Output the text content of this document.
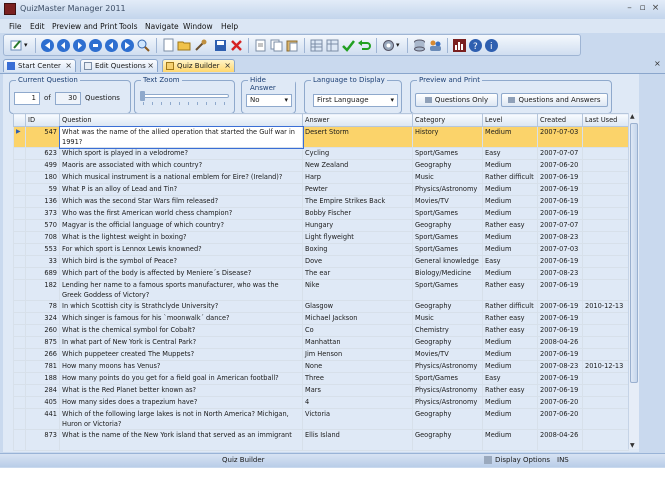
QuizMaster Manager 2011	– ▫ ×
File Edit Preview and Print Tools Navigate Window Help
▾	▾	? i
Start Center ×	Edit Questions ×	Quiz Builder ×	×
Current Question
1	of	30	Questions
Text Zoom	Hide Answer
No	▾
Language to Display
First Language	▾
Preview and Print
Questions Only	Questions and Answers
	ID	Question	Answer	Category	Level	Created	Last Used
▶	547	What was the name of the allied operation that started the Gulf war in 1991?	Desert Storm	History	Medium	2007-07-03	
	623	Which sport is played in a velodrome?	Cycling	Sport/Games	Easy	2007-07-07	
	499	Maoris are associated with which country?	New Zealand	Geography	Medium	2007-06-20	
	180	Which musical instrument is a national emblem for Eire? (Ireland)?	Harp	Music	Rather difficult	2007-06-19	
	59	What P is an alloy of Lead and Tin?	Pewter	Physics/Astronomy	Medium	2007-06-19	
	136	Which was the second Star Wars film released?	The Empire Strikes Back	Movies/TV	Medium	2007-06-19	
	373	Who was the first American world chess champion?	Bobby Fischer	Sport/Games	Medium	2007-06-19	
	570	Magyar is the official language of which country?	Hungary	Geography	Rather easy	2007-07-07	
	708	What is the lightest weight in boxing?	Light flyweight	Sport/Games	Medium	2007-08-23	
	553	For which sport is Lennox Lewis knowned?	Boxing	Sport/Games	Medium	2007-07-03	
	33	Which bird is the symbol of Peace?	Dove	General knowledge	Easy	2007-06-19	
	689	Which part of the body is affected by Meniere´s Disease?	The ear	Biology/Medicine	Medium	2007-08-23	
	182	Lending her name to a famous sports manufacturer, who was the Greek Goddess of Victory?	Nike	Sport/Games	Rather easy	2007-06-19	
	78	In which Scottish city is Strathclyde University?	Glasgow	Geography	Rather difficult	2007-06-19	2010-12-13
	324	Which singer is famous for his `moonwalk´ dance?	Michael Jackson	Music	Rather easy	2007-06-19	
	260	What is the chemical symbol for Cobalt?	Co	Chemistry	Rather easy	2007-06-19	
	875	In what part of New York is Central Park?	Manhattan	Geography	Medium	2008-04-26	
	266	Which puppeteer created The Muppets?	Jim Henson	Movies/TV	Medium	2007-06-19	
	781	How many moons has Venus?	None	Physics/Astronomy	Medium	2007-08-23	2010-12-13
	188	How many points do you get for a field goal in American football?	Three	Sport/Games	Easy	2007-06-19	
	284	What is the Red Planet better known as?	Mars	Physics/Astronomy	Rather easy	2007-06-19	
	405	How many sides does a trapezium have?	4	Physics/Astronomy	Medium	2007-06-20	
	441	Which of the following large lakes is not in North America? Michigan, Huron or Victoria?	Victoria	Geography	Medium	2007-06-20	
	873	What is the name of the New York island that served as an immigrant	Ellis Island	Geography	Medium	2008-04-26	
▲
▼
Quiz Builder	Display Options INS
